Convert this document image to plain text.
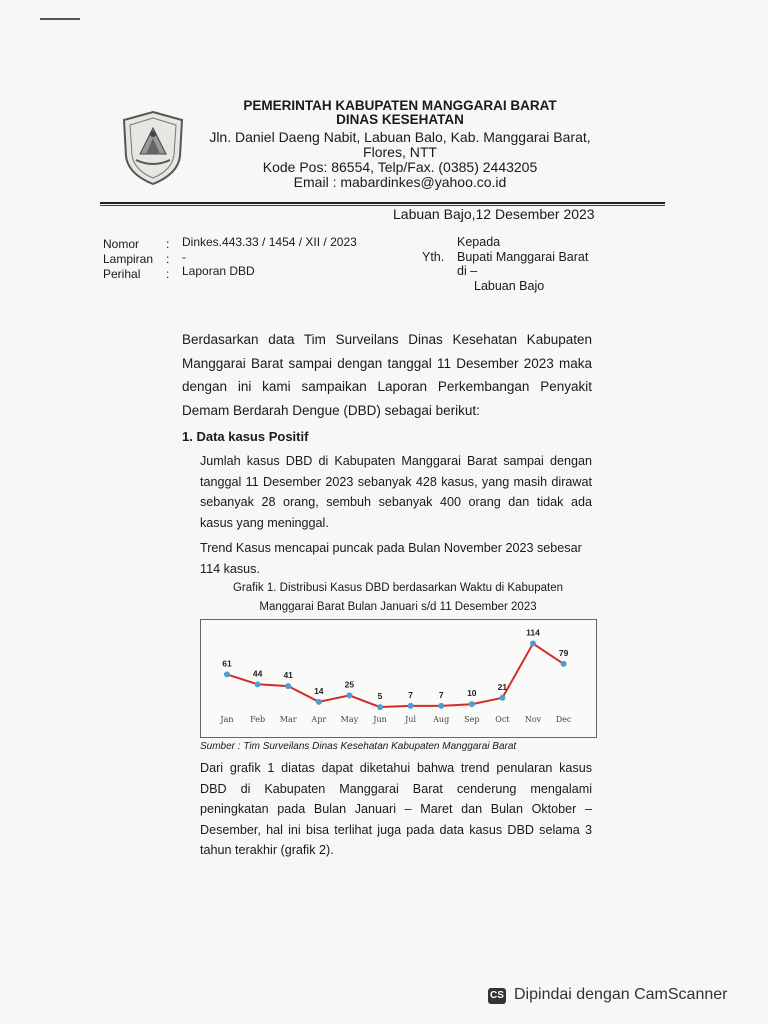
PEMERINTAH KABUPATEN MANGGARAI BARAT
DINAS KESEHATAN
Jln. Daniel Daeng Nabit, Labuan Balo, Kab. Manggarai Barat,
Flores, NTT
Kode Pos: 86554, Telp/Fax. (0385) 2443205
Email : mabardinkes@yahoo.co.id
Labuan Bajo,12 Desember 2023
Nomor : Dinkes.443.33 / 1454 / XII / 2023
Lampiran : -
Perihal : Laporan DBD
Kepada
Yth. Bupati Manggarai Barat
di –
Labuan Bajo
Berdasarkan data Tim Surveilans Dinas Kesehatan Kabupaten
Manggarai Barat sampai dengan tanggal 11 Desember 2023 maka
dengan ini kami sampaikan Laporan Perkembangan Penyakit
Demam Berdarah Dengue (DBD) sebagai berikut:
1. Data kasus Positif
Jumlah kasus DBD di Kabupaten Manggarai Barat sampai dengan
tanggal 11 Desember 2023 sebanyak 428 kasus, yang masih dirawat
sebanyak 28 orang, sembuh sebanyak 400 orang dan tidak ada
kasus yang meninggal.
Trend Kasus mencapai puncak pada Bulan November 2023 sebesar
114 kasus.
Grafik 1. Distribusi Kasus DBD berdasarkan Waktu di Kabupaten
Manggarai Barat Bulan Januari s/d 11 Desember 2023
61
Jan
44
Feb
41
Mar
14
Apr
25
May
5
Jun
7
Jul
7
Aug
10
Sep
21
Oct
114
Nov
79
Dec
Sumber : Tim Surveilans Dinas Kesehatan Kabupaten Manggarai Barat
Dari grafik 1 diatas dapat diketahui bahwa trend penularan kasus
DBD di Kabupaten Manggarai Barat cenderung mengalami
peningkatan pada Bulan Januari – Maret dan Bulan Oktober –
Desember, hal ini bisa terlihat juga pada data kasus DBD selama 3
tahun terakhir (grafik 2).
CS Dipindai dengan CamScanner
